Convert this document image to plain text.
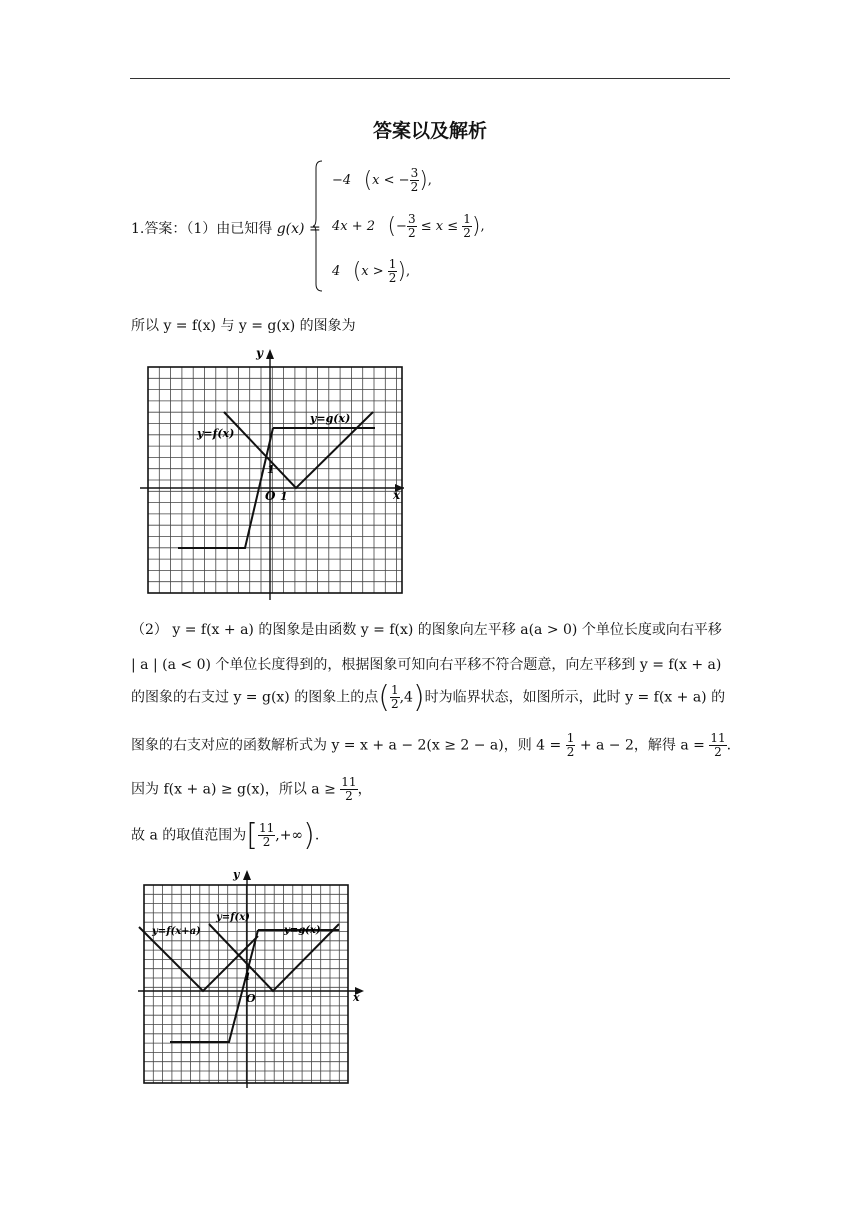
答案以及解析
1.答案：（1）由已知得 g(x) =
−4 (x < − $\frac{3}{2}$ ),
4x + 2 (− $\frac{3}{2} \le x \le \frac{1}{2}$ ),
4 ($x > \frac{1}{2}$ ),
所以 y = f(x) 与 y = g(x) 的图象为
y
x
y=f(x)
y=g(x)
1
O 1
（2） y = f(x + a) 的图象是由函数 y = f(x) 的图象向左平移 a(a > 0) 个单位长度或向右平移
| a | (a < 0) 个单位长度得到的，根据图象可知向右平移不符合题意，向左平移到 y = f(x + a)
的图象的右支过 y = g(x) 的图象上的点( $\frac{1}{2} ,4$)时为临界状态，如图所示，此时 y = f(x + a) 的
图象的右支对应的函数解析式为 y = x + a − 2(x ≥ 2 − a)，则 $4 = \frac{1}{2} + a - 2$，解得 $a = \frac{11}{2}$ .
因为 f(x + a) ≥ g(x)，所以 $a \ge \frac{11}{2}$ ，
故 a 的取值范围为[ $\frac{11}{2}$ ,+∞).
y
x
y=f(x)
y=f(x+a)	y=g(x)
1
O
